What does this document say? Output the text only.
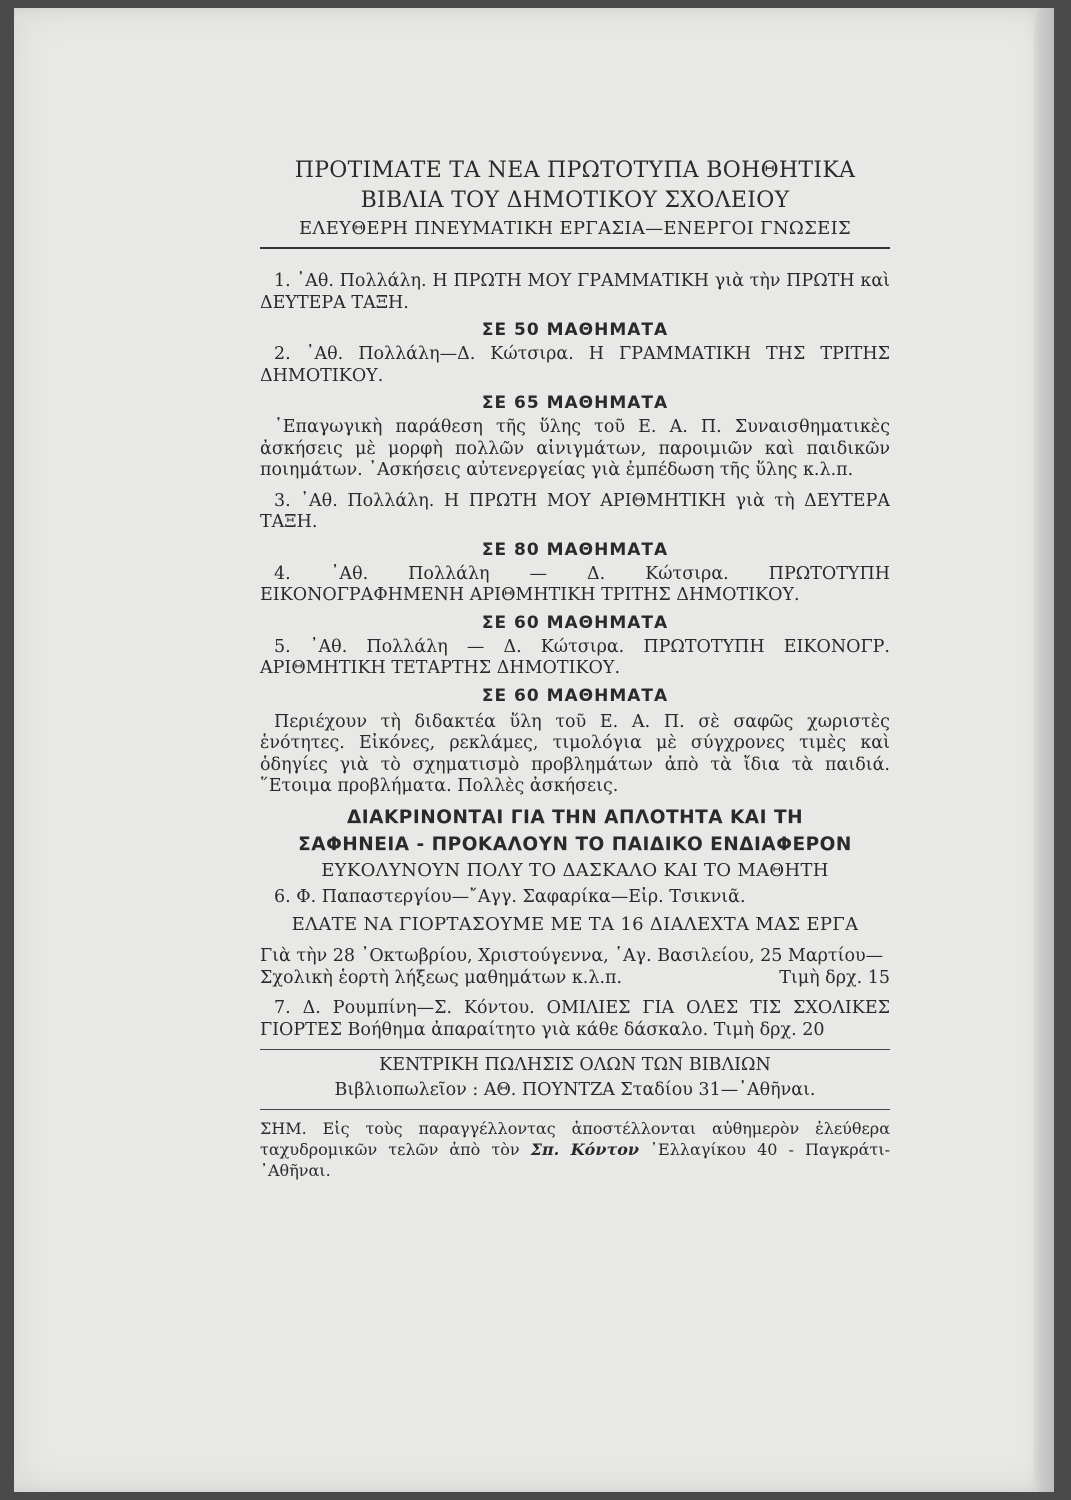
ΠΡΟΤΙΜΑΤΕ ΤΑ ΝΕΑ ΠΡΩΤΟΤΥΠΑ ΒΟΗΘΗΤΙΚΑ
ΒΙΒΛΙΑ ΤΟΥ ΔΗΜΟΤΙΚΟΥ ΣΧΟΛΕΙΟΥ
ΕΛΕΥΘΕΡΗ ΠΝΕΥΜΑΤΙΚΗ ΕΡΓΑΣΙΑ—ΕΝΕΡΓΟΙ ΓΝΩΣΕΙΣ

1. ᾿Αθ. Πολλάλη. Η ΠΡΩΤΗ ΜΟΥ ΓΡΑΜΜΑΤΙΚΗ γιὰ τὴν ΠΡΩΤΗ καὶ ΔΕΥΤΕΡΑ ΤΑΞΗ.

ΣΕ 50 ΜΑΘΗΜΑΤΑ

2. ᾿Αθ. Πολλάλη—Δ. Κώτσιρα. Η ΓΡΑΜΜΑΤΙΚΗ ΤΗΣ ΤΡΙΤΗΣ ΔΗΜΟΤΙΚΟΥ.

ΣΕ 65 ΜΑΘΗΜΑΤΑ

᾿Επαγωγικὴ παράθεση τῆς ὕλης τοῦ Ε. Α. Π. Συναισθηματικὲς ἀσκήσεις μὲ μορφὴ πολλῶν αἰνιγμάτων, παροιμιῶν καὶ παιδικῶν ποιημάτων. ᾿Ασκήσεις αὐτενεργείας γιὰ ἐμπέδωση τῆς ὕλης κ.λ.π.

3. ᾿Αθ. Πολλάλη. Η ΠΡΩΤΗ ΜΟΥ ΑΡΙΘΜΗΤΙΚΗ γιὰ τὴ ΔΕΥΤΕΡΑ ΤΑΞΗ.

ΣΕ 80 ΜΑΘΗΜΑΤΑ

4. ᾿Αθ. Πολλάλη — Δ. Κώτσιρα. ΠΡΩΤΟΤΥΠΗ ΕΙΚΟΝΟΓΡΑΦΗΜΕΝΗ ΑΡΙΘΜΗΤΙΚΗ ΤΡΙΤΗΣ ΔΗΜΟΤΙΚΟΥ.

ΣΕ 60 ΜΑΘΗΜΑΤΑ

5. ᾿Αθ. Πολλάλη — Δ. Κώτσιρα. ΠΡΩΤΟΤΥΠΗ ΕΙΚΟΝΟΓΡ. ΑΡΙΘΜΗΤΙΚΗ ΤΕΤΑΡΤΗΣ ΔΗΜΟΤΙΚΟΥ.

ΣΕ 60 ΜΑΘΗΜΑΤΑ

Περιέχουν τὴ διδακτέα ὕλη τοῦ Ε. Α. Π. σὲ σαφῶς χωριστὲς ἑνότητες. Εἰκόνες, ρεκλάμες, τιμολόγια μὲ σύγχρονες τιμὲς καὶ ὁδηγίες γιὰ τὸ σχηματισμὸ προβλημάτων ἀπὸ τὰ ἴδια τὰ παιδιά. ῞Ετοιμα προβλήματα. Πολλὲς ἀσκήσεις.

ΔΙΑΚΡΙΝΟΝΤΑΙ ΓΙΑ ΤΗΝ ΑΠΛΟΤΗΤΑ ΚΑΙ ΤΗ
ΣΑΦΗΝΕΙΑ - ΠΡΟΚΑΛΟΥΝ ΤΟ ΠΑΙΔΙΚΟ ΕΝΔΙΑΦΕΡΟΝ
ΕΥΚΟΛΥΝΟΥΝ ΠΟΛΥ ΤΟ ΔΑΣΚΑΛΟ ΚΑΙ ΤΟ ΜΑΘΗΤΗ

6. Φ. Παπαστεργίου—῎Αγγ. Σαφαρίκα—Εἰρ. Τσικνιᾶ.

ΕΛΑΤΕ ΝΑ ΓΙΟΡΤΑΣΟΥΜΕ ΜΕ ΤΑ 16 ΔΙΑΛΕΧΤΑ ΜΑΣ ΕΡΓΑ

Γιὰ τὴν 28 ᾿Οκτωβρίου, Χριστούγεννα, ῾Αγ. Βασιλείου, 25 Μαρτίου—

Σχολικὴ ἑορτὴ λήξεως μαθημάτων κ.λ.π.	Τιμὴ δρχ. 15

7. Δ. Ρουμπίνη—Σ. Κόντου. ΟΜΙΛΙΕΣ ΓΙΑ ΟΛΕΣ ΤΙΣ ΣΧΟΛΙΚΕΣ ΓΙΟΡΤΕΣ Βοήθημα ἀπαραίτητο γιὰ κάθε δάσκαλο. Τιμὴ δρχ. 20

ΚΕΝΤΡΙΚΗ ΠΩΛΗΣΙΣ ΟΛΩΝ ΤΩΝ ΒΙΒΛΙΩΝ
Βιβλιοπωλεῖον : ΑΘ. ΠΟΥΝΤΖΑ Σταδίου 31—᾿Αθῆναι.

ΣΗΜ. Εἰς τοὺς παραγγέλλοντας ἀποστέλλονται αὐθημερὸν ἐλεύθερα ταχυδρομικῶν τελῶν ἀπὸ τὸν Σπ. Κόντον ῾Ελλαγίκου 40 - Παγκράτι- ᾿Αθῆναι.
